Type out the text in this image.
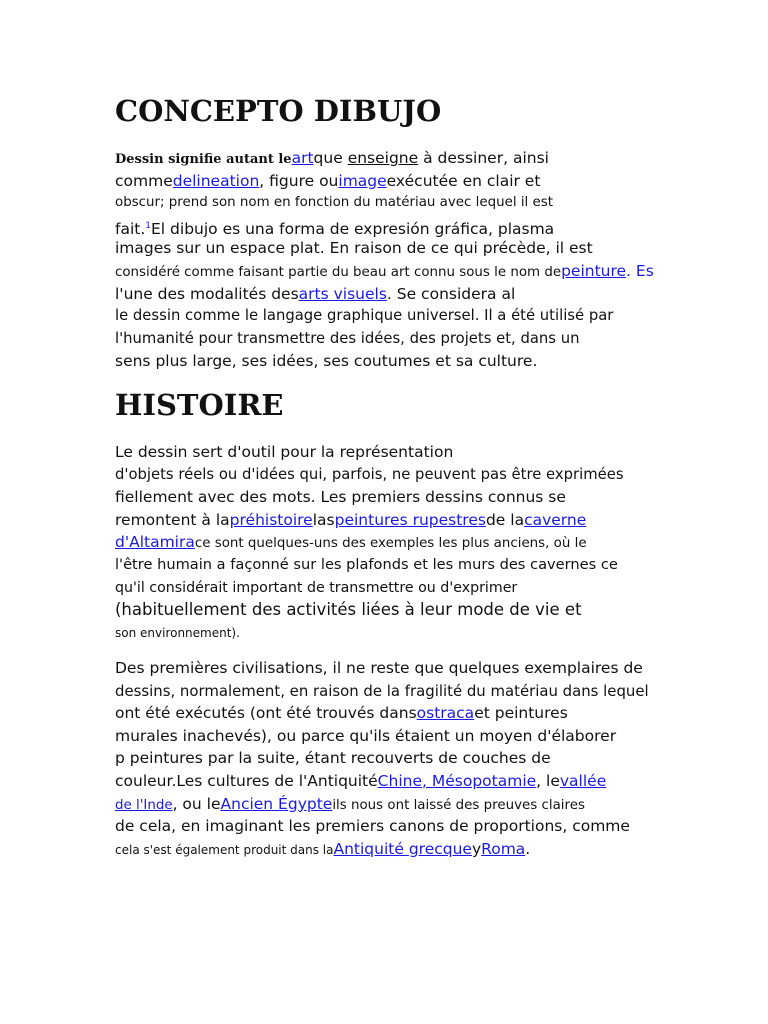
CONCEPTO DIBUJO
Dessin signifie autant leartque enseigne à dessiner, ainsi
commedelineation, figure ouimageexécutée en clair et
obscur; prend son nom en fonction du matériau avec lequel il est
fait.$^1$El dibujo es una forma de expresión gráfica, plasma
images sur un espace plat. En raison de ce qui précède, il est
considéré comme faisant partie du beau art connu sous le nom depeinture. Es
l'une des modalités desarts visuels. Se considera al
le dessin comme le langage graphique universel. Il a été utilisé par
l'humanité pour transmettre des idées, des projets et, dans un
sens plus large, ses idées, ses coutumes et sa culture.
HISTOIRE
Le dessin sert d'outil pour la représentation
d'objets réels ou d'idées qui, parfois, ne peuvent pas être exprimées
fiellement avec des mots. Les premiers dessins connus se
remontent à lapréhistoirelaspeintures rupestresde lacaverne
d'Altamirace sont quelques-uns des exemples les plus anciens, où le
l'être humain a façonné sur les plafonds et les murs des cavernes ce
qu'il considérait important de transmettre ou d'exprimer
(habituellement des activités liées à leur mode de vie et
son environnement).
Des premières civilisations, il ne reste que quelques exemplaires de
dessins, normalement, en raison de la fragilité du matériau dans lequel
ont été exécutés (ont été trouvés dansostracaet peintures
murales inachevés), ou parce qu'ils étaient un moyen d'élaborer
p peintures par la suite, étant recouverts de couches de
couleur.Les cultures de l'AntiquitéChine, Mésopotamie, levallée
de l'Inde, ou leAncien Égypteils nous ont laissé des preuves claires
de cela, en imaginant les premiers canons de proportions, comme
cela s'est également produit dans laAntiquité grecqueyRoma.
